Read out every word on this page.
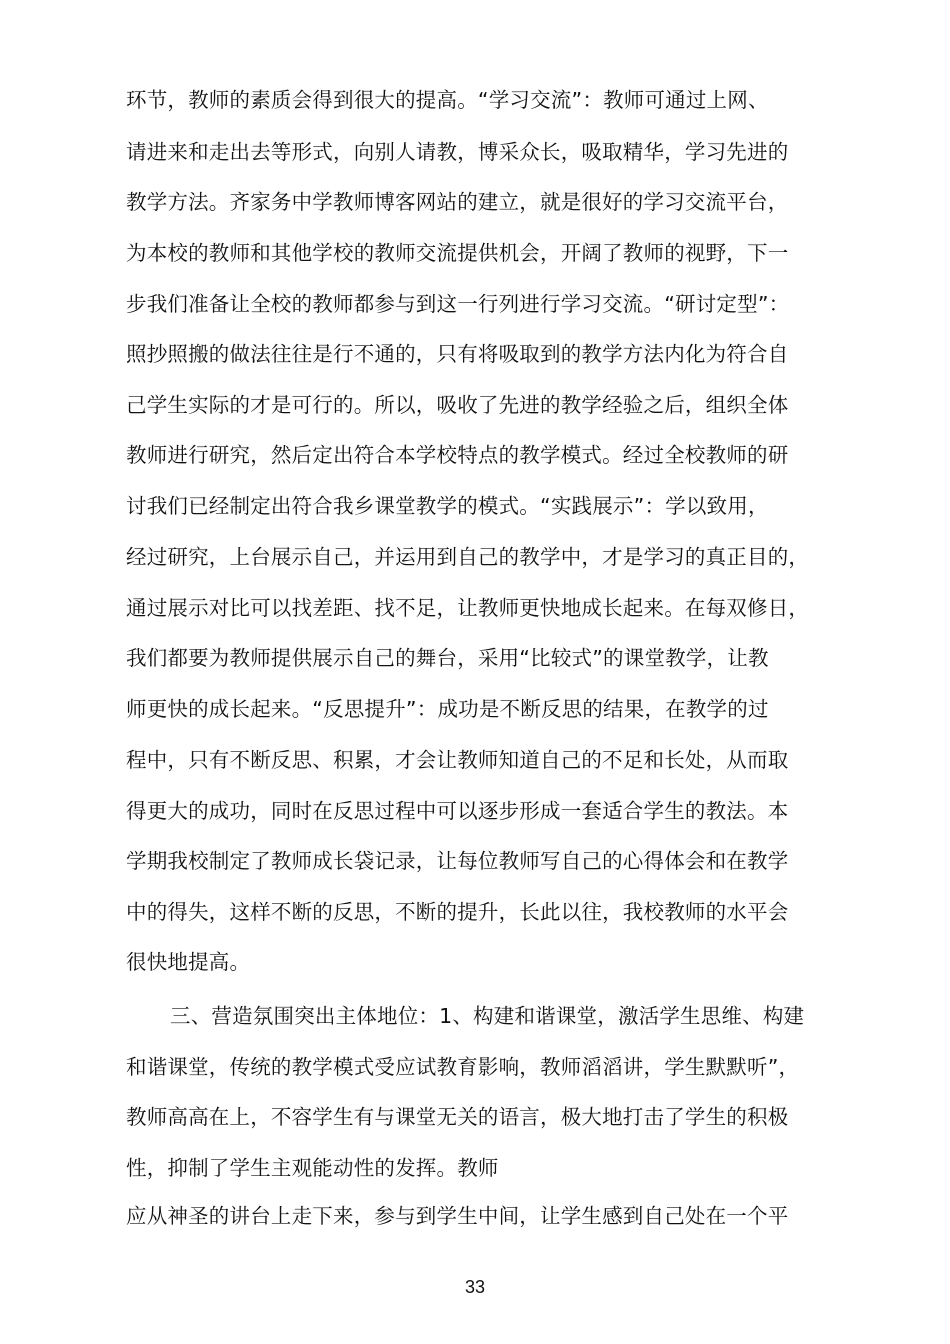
环节，教师的素质会得到很大的提高。“学习交流”：教师可通过上网、
请进来和走出去等形式，向别人请教，博采众长，吸取精华，学习先进的
教学方法。齐家务中学教师博客网站的建立，就是很好的学习交流平台，
为本校的教师和其他学校的教师交流提供机会，开阔了教师的视野，下一
步我们准备让全校的教师都参与到这一行列进行学习交流。“研讨定型”：
照抄照搬的做法往往是行不通的，只有将吸取到的教学方法内化为符合自
己学生实际的才是可行的。所以，吸收了先进的教学经验之后，组织全体
教师进行研究，然后定出符合本学校特点的教学模式。经过全校教师的研
讨我们已经制定出符合我乡课堂教学的模式。“实践展示”：学以致用，
经过研究，上台展示自己，并运用到自己的教学中，才是学习的真正目的，
通过展示对比可以找差距、找不足，让教师更快地成长起来。在每双修日，
我们都要为教师提供展示自己的舞台，采用“比较式”的课堂教学，让教
师更快的成长起来。“反思提升”：成功是不断反思的结果，在教学的过
程中，只有不断反思、积累，才会让教师知道自己的不足和长处，从而取
得更大的成功，同时在反思过程中可以逐步形成一套适合学生的教法。本
学期我校制定了教师成长袋记录，让每位教师写自己的心得体会和在教学
中的得失，这样不断的反思，不断的提升，长此以往，我校教师的水平会
很快地提高。
三、营造氛围突出主体地位：1、构建和谐课堂，激活学生思维、构建
和谐课堂，传统的教学模式受应试教育影响，教师滔滔讲，学生默默听”，
教师高高在上，不容学生有与课堂无关的语言，极大地打击了学生的积极
性，抑制了学生主观能动性的发挥。教师
应从神圣的讲台上走下来，参与到学生中间，让学生感到自己处在一个平
33
